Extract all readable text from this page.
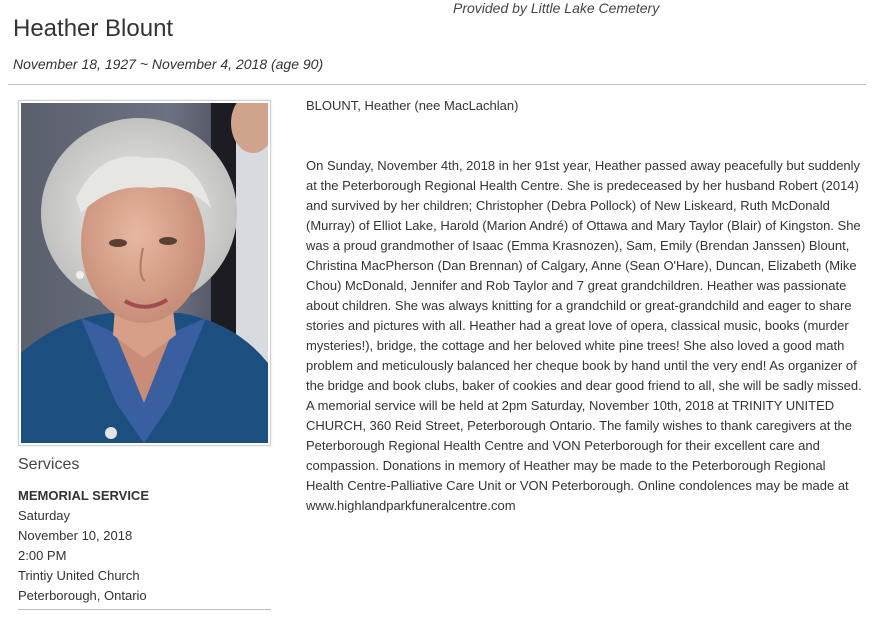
Provided by Little Lake Cemetery
Heather Blount
November 18, 1927 ~ November 4, 2018 (age 90)
Services
MEMORIAL SERVICE
Saturday
November 10, 2018
2:00 PM
Trintiy United Church
Peterborough, Ontario

BLOUNT, Heather (nee MacLachlan)

On Sunday, November 4th, 2018 in her 91st year, Heather passed away peacefully but suddenly at the Peterborough Regional Health Centre. She is predeceased by her husband Robert (2014) and survived by her children; Christopher (Debra Pollock) of New Liskeard, Ruth McDonald (Murray) of Elliot Lake, Harold (Marion André) of Ottawa and Mary Taylor (Blair) of Kingston. She was a proud grandmother of Isaac (Emma Krasnozen), Sam, Emily (Brendan Janssen) Blount, Christina MacPherson (Dan Brennan) of Calgary, Anne (Sean O'Hare), Duncan, Elizabeth (Mike Chou) McDonald, Jennifer and Rob Taylor and 7 great grandchildren. Heather was passionate about children. She was always knitting for a grandchild or great-grandchild and eager to share stories and pictures with all. Heather had a great love of opera, classical music, books (murder mysteries!), bridge, the cottage and her beloved white pine trees! She also loved a good math problem and meticulously balanced her cheque book by hand until the very end! As organizer of the bridge and book clubs, baker of cookies and dear good friend to all, she will be sadly missed. A memorial service will be held at 2pm Saturday, November 10th, 2018 at TRINITY UNITED CHURCH, 360 Reid Street, Peterborough Ontario. The family wishes to thank caregivers at the Peterborough Regional Health Centre and VON Peterborough for their excellent care and compassion. Donations in memory of Heather may be made to the Peterborough Regional Health Centre-Palliative Care Unit or VON Peterborough. Online condolences may be made at www.highlandparkfuneralcentre.com
